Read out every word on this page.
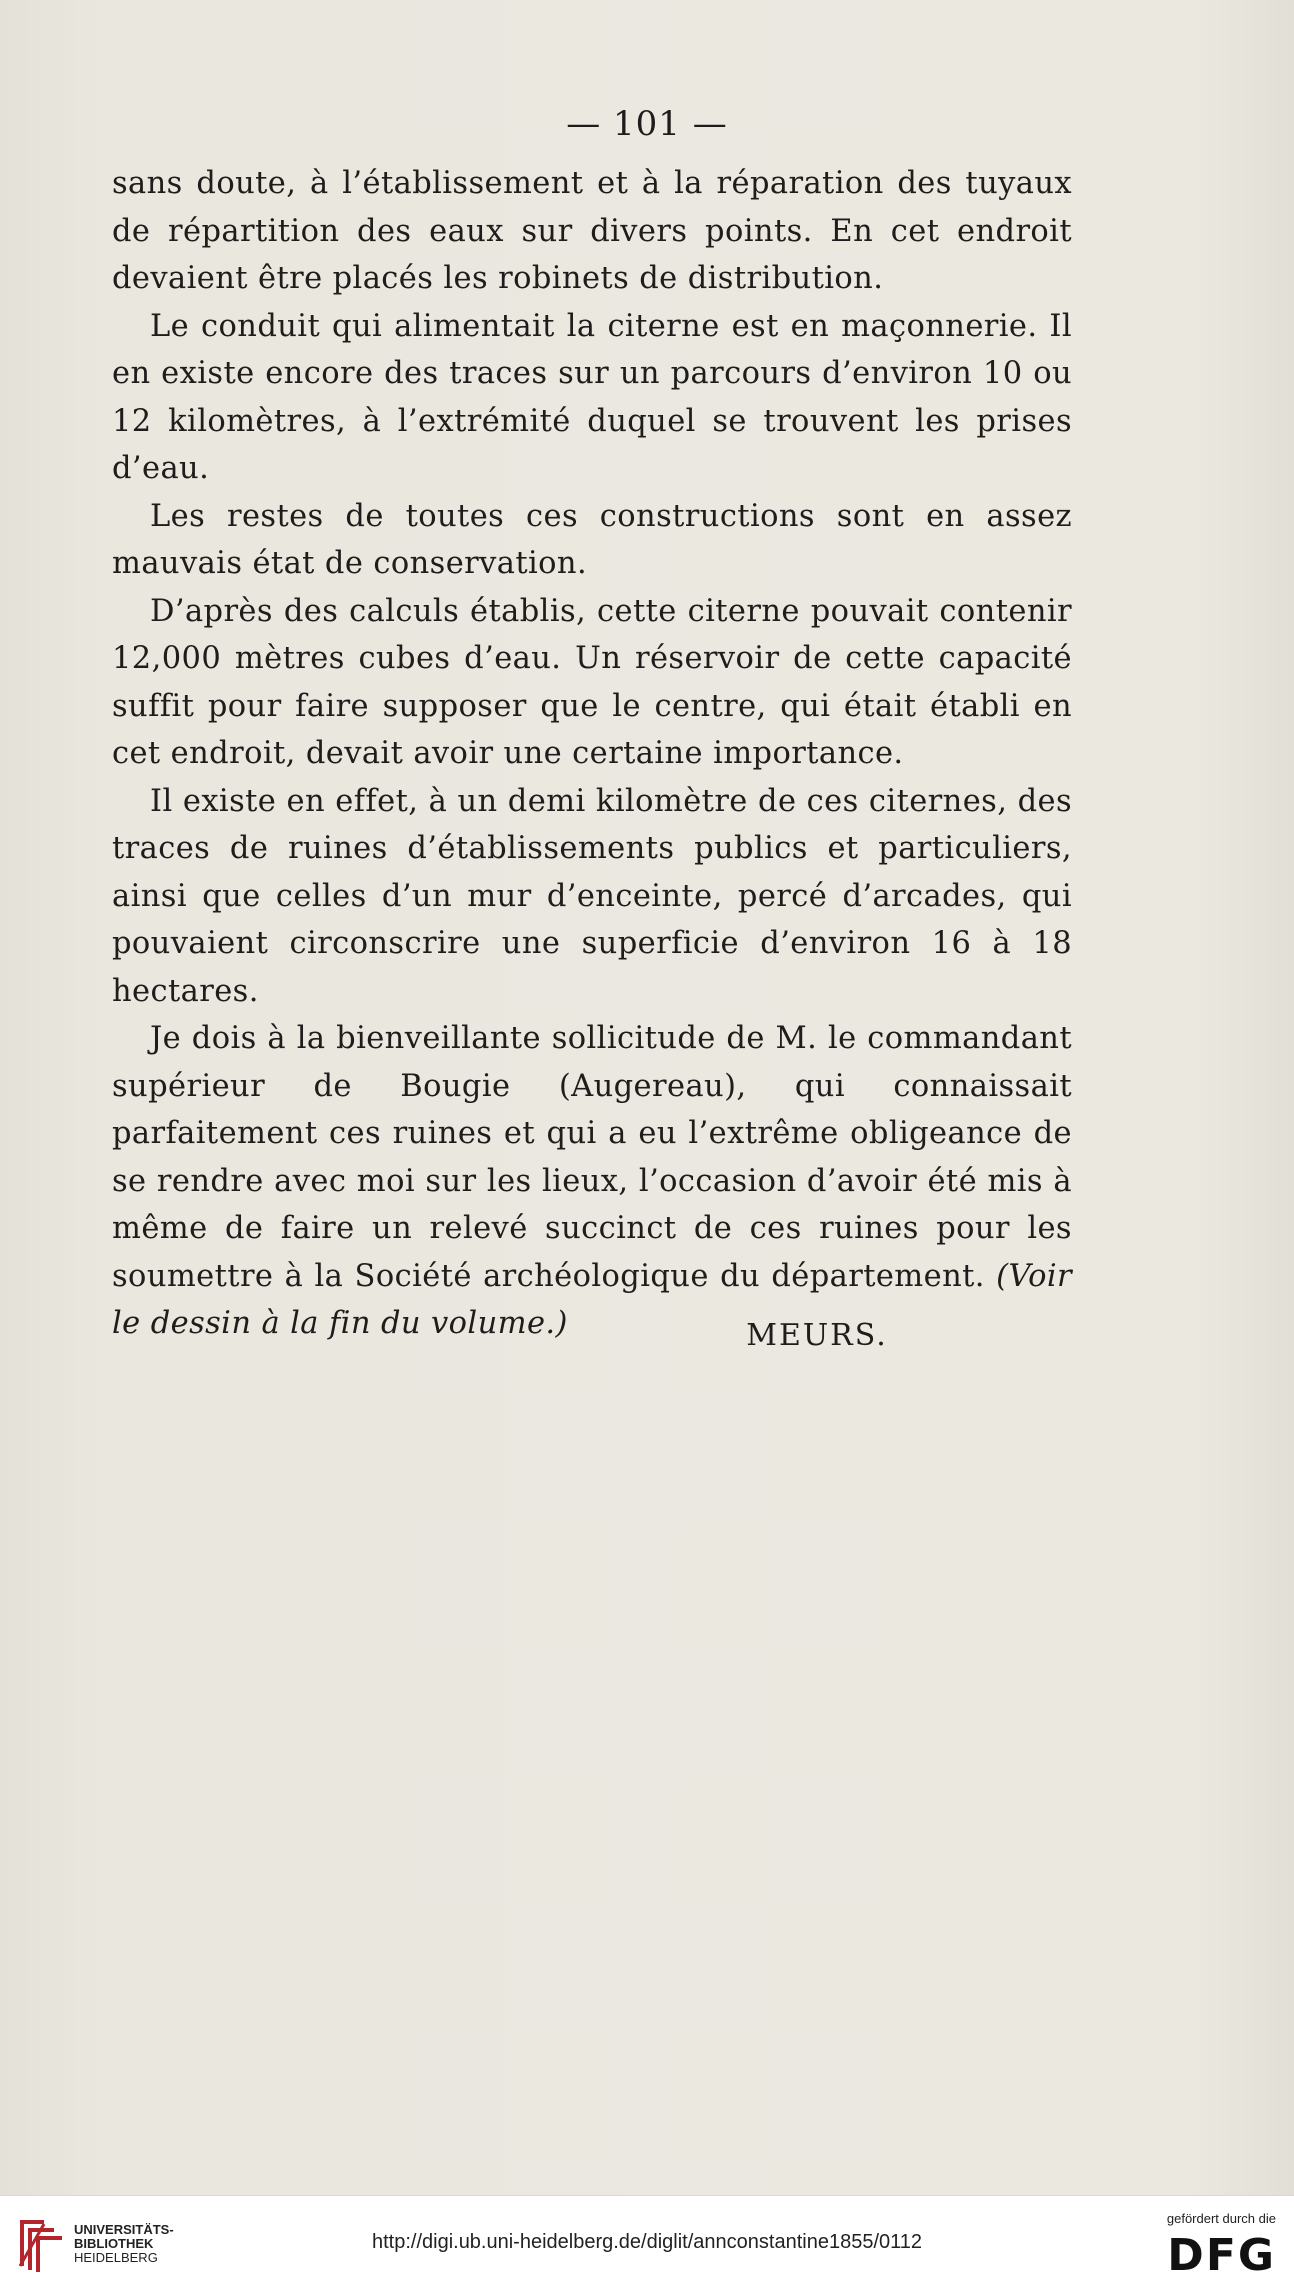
— 101 —

sans doute, à l’établissement et à la réparation des tuyaux de répartition des eaux sur divers points. En cet endroit devaient être placés les robinets de distribution.

Le conduit qui alimentait la citerne est en maçonnerie. Il en existe encore des traces sur un parcours d’environ 10 ou 12 kilomètres, à l’extrémité duquel se trouvent les prises d’eau.

Les restes de toutes ces constructions sont en assez mauvais état de conservation.

D’après des calculs établis, cette citerne pouvait contenir 12,000 mètres cubes d’eau. Un réservoir de cette capacité suffit pour faire supposer que le centre, qui était établi en cet endroit, devait avoir une certaine importance.

Il existe en effet, à un demi kilomètre de ces citernes, des traces de ruines d’établissements publics et particuliers, ainsi que celles d’un mur d’enceinte, percé d’arcades, qui pouvaient circonscrire une superficie d’environ 16 à 18 hectares.

Je dois à la bienveillante sollicitude de M. le commandant supérieur de Bougie (Augereau), qui connaissait parfaitement ces ruines et qui a eu l’extrême obligeance de se rendre avec moi sur les lieux, l’occasion d’avoir été mis à même de faire un relevé succinct de ces ruines pour les soumettre à la Société archéologique du département. (Voir le dessin à la fin du volume.)	MEURS.
UNIVERSITÄTS-
BIBLIOTHEK
HEIDELBERG
http://digi.ub.uni-heidelberg.de/diglit/annconstantine1855/0112
gefördert durch die
DFG
